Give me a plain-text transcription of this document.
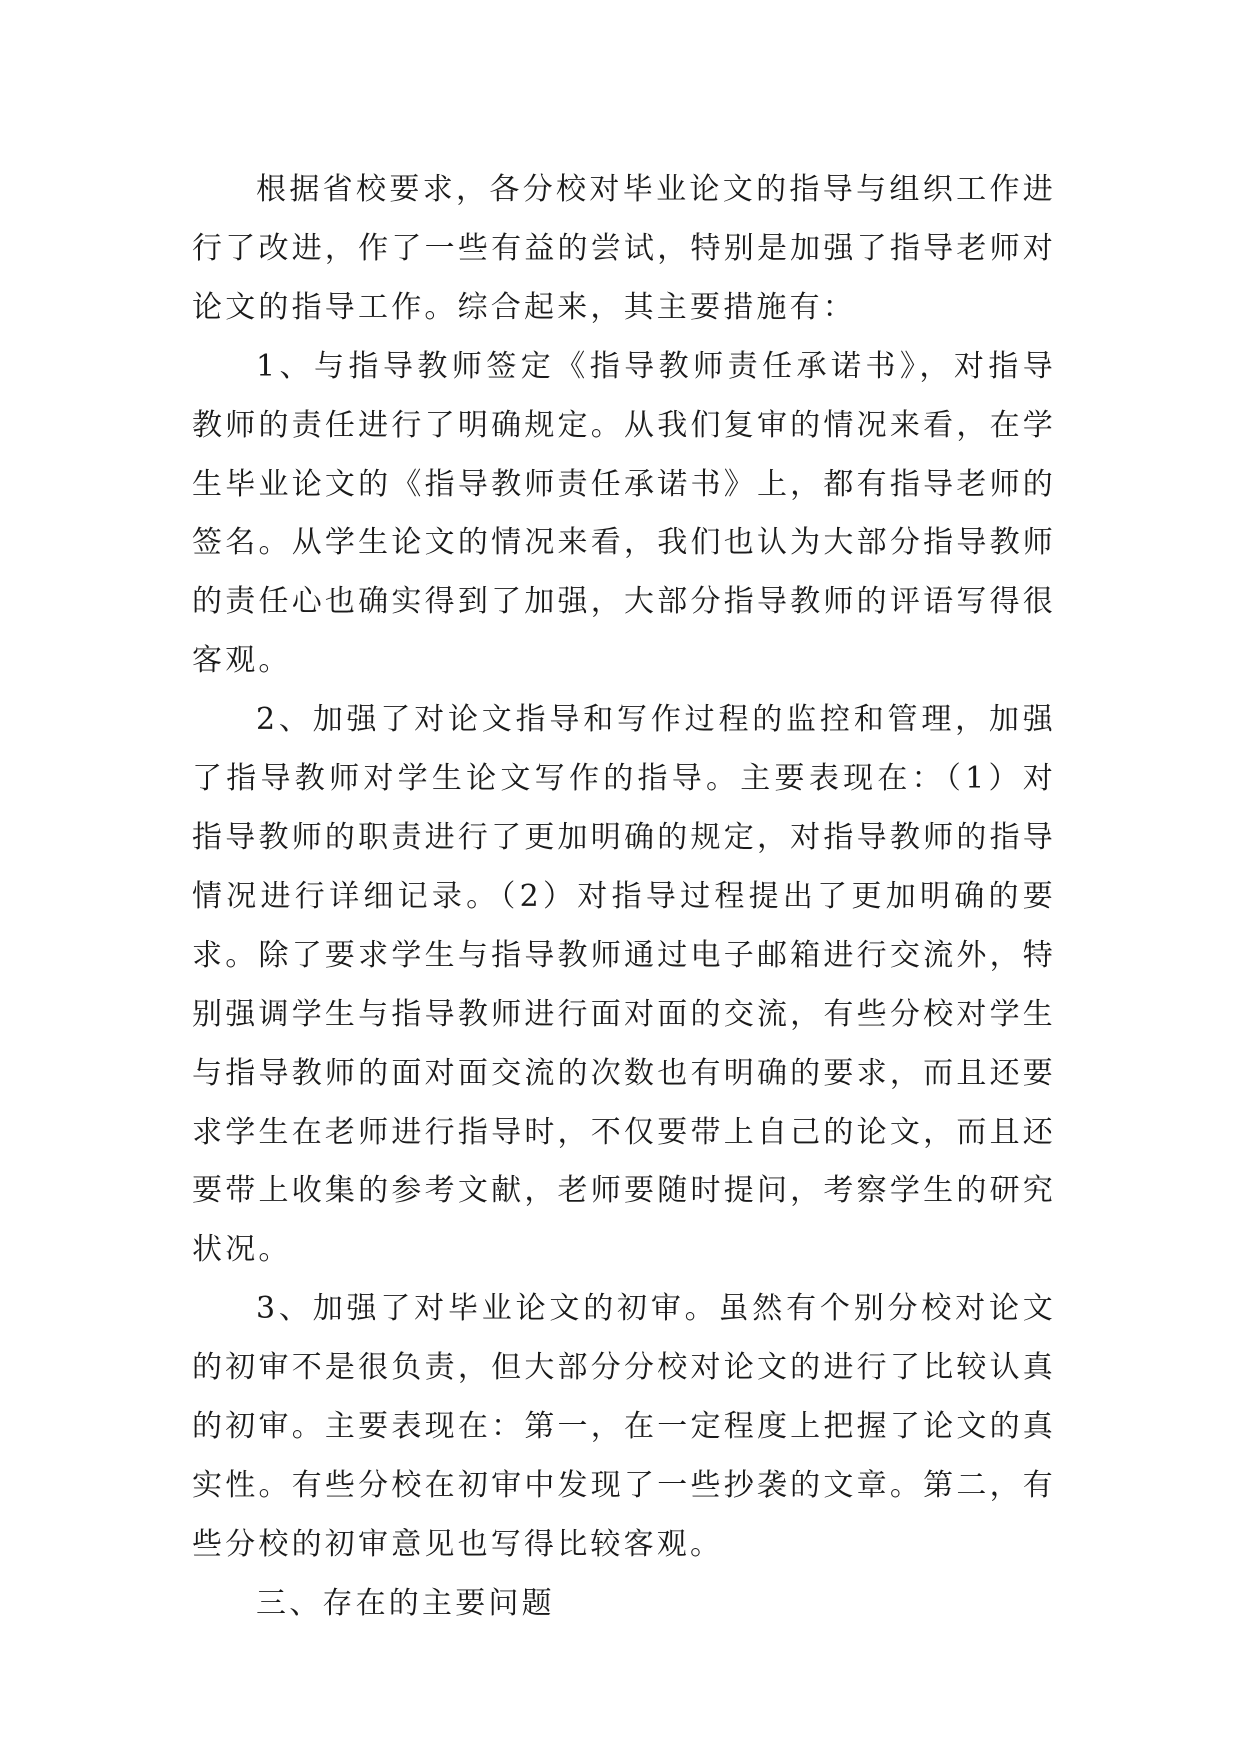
根据省校要求，各分校对毕业论文的指导与组织工作进行了改进，作了一些有益的尝试，特别是加强了指导老师对论文的指导工作。综合起来，其主要措施有：

1、与指导教师签定《指导教师责任承诺书》，对指导教师的责任进行了明确规定。从我们复审的情况来看，在学生毕业论文的《指导教师责任承诺书》上，都有指导老师的签名。从学生论文的情况来看，我们也认为大部分指导教师的责任心也确实得到了加强，大部分指导教师的评语写得很客观。

2、加强了对论文指导和写作过程的监控和管理，加强了指导教师对学生论文写作的指导。主要表现在：（1）对指导教师的职责进行了更加明确的规定，对指导教师的指导情况进行详细记录。（2）对指导过程提出了更加明确的要求。除了要求学生与指导教师通过电子邮箱进行交流外，特别强调学生与指导教师进行面对面的交流，有些分校对学生与指导教师的面对面交流的次数也有明确的要求，而且还要求学生在老师进行指导时，不仅要带上自己的论文，而且还要带上收集的参考文献，老师要随时提问，考察学生的研究状况。

3、加强了对毕业论文的初审。虽然有个别分校对论文的初审不是很负责，但大部分分校对论文的进行了比较认真的初审。主要表现在：第一，在一定程度上把握了论文的真实性。有些分校在初审中发现了一些抄袭的文章。第二，有些分校的初审意见也写得比较客观。

三、存在的主要问题
